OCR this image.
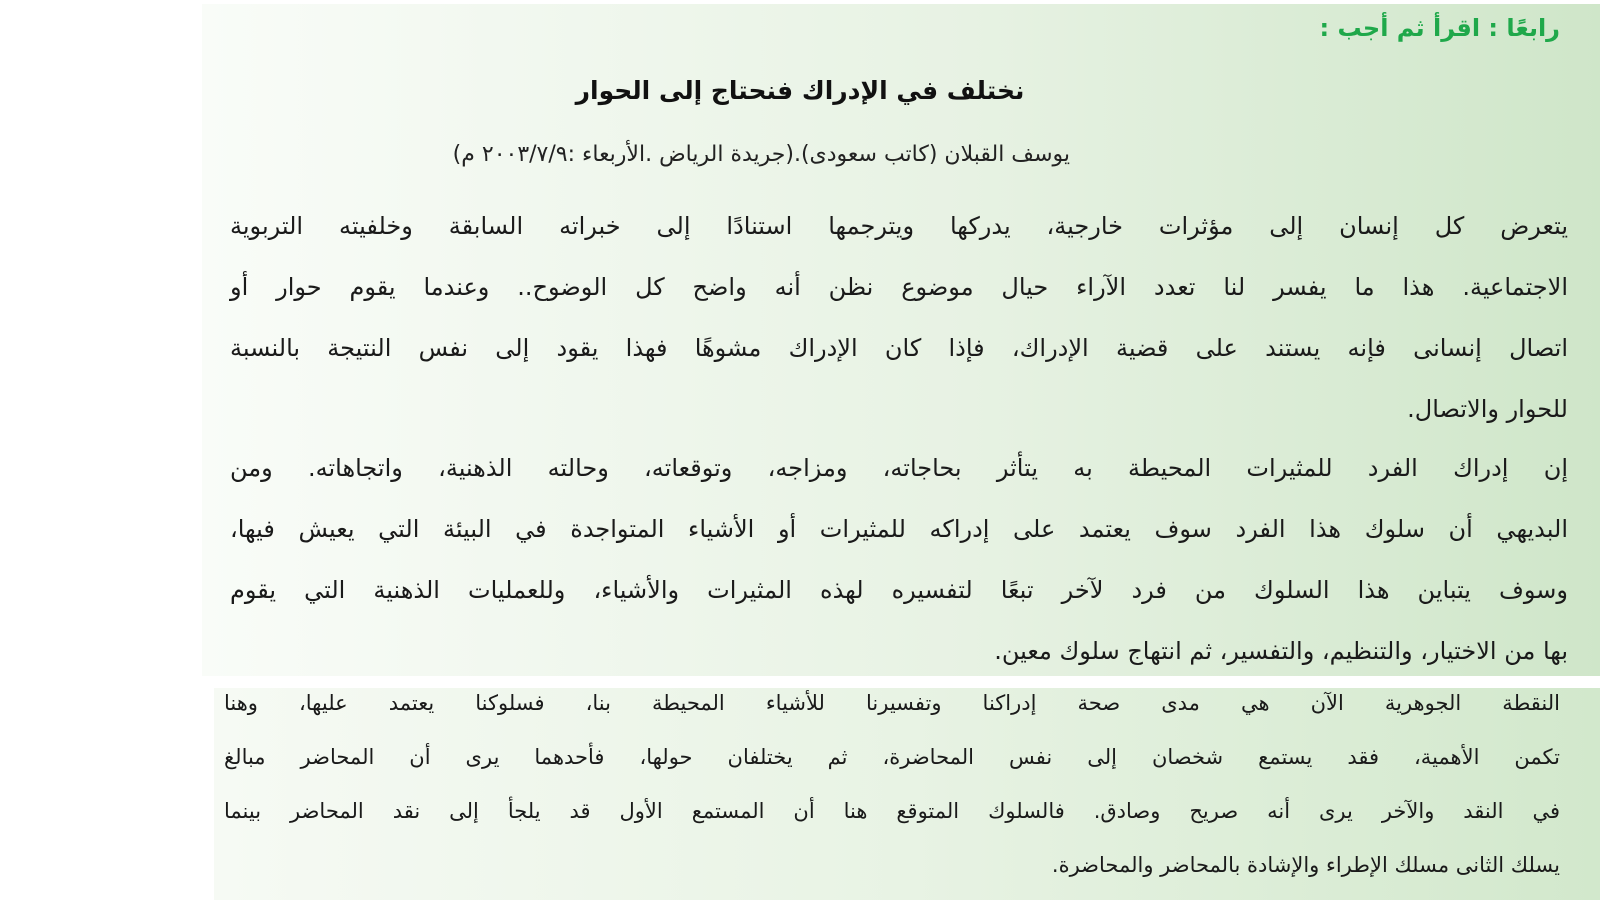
رابعًا : اقرأ ثم أجب :
نختلف في الإدراك فنحتاج إلى الحوار

يوسف القبلان (كاتب سعودى).(جريدة الرياض .الأربعاء :٢٠٠٣/٧/٩ م)

يتعرض كل إنسان إلى مؤثرات خارجية، يدركها ويترجمها استنادًا إلى خبراته السابقة وخلفيته التربوية
الاجتماعية. هذا ما يفسر لنا تعدد الآراء حيال موضوع نظن أنه واضح كل الوضوح.. وعندما يقوم حوار أو
اتصال إنسانى فإنه يستند على قضية الإدراك، فإذا كان الإدراك مشوهًا فهذا يقود إلى نفس النتيجة بالنسبة
للحوار والاتصال.

إن إدراك الفرد للمثيرات المحيطة به يتأثر بحاجاته، ومزاجه، وتوقعاته، وحالته الذهنية، واتجاهاته. ومن
البديهي أن سلوك هذا الفرد سوف يعتمد على إدراكه للمثيرات أو الأشياء المتواجدة في البيئة التي يعيش فيها،
وسوف يتباين هذا السلوك من فرد لآخر تبعًا لتفسيره لهذه المثيرات والأشياء، وللعمليات الذهنية التي يقوم
بها من الاختيار، والتنظيم، والتفسير، ثم انتهاج سلوك معين.

النقطة الجوهرية الآن هي مدى صحة إدراكنا وتفسيرنا للأشياء المحيطة بنا، فسلوكنا يعتمد عليها، وهنا
تكمن الأهمية، فقد يستمع شخصان إلى نفس المحاضرة، ثم يختلفان حولها، فأحدهما يرى أن المحاضر مبالغ
في النقد والآخر يرى أنه صريح وصادق. فالسلوك المتوقع هنا أن المستمع الأول قد يلجأ إلى نقد المحاضر بينما
يسلك الثانى مسلك الإطراء والإشادة بالمحاضر والمحاضرة.
